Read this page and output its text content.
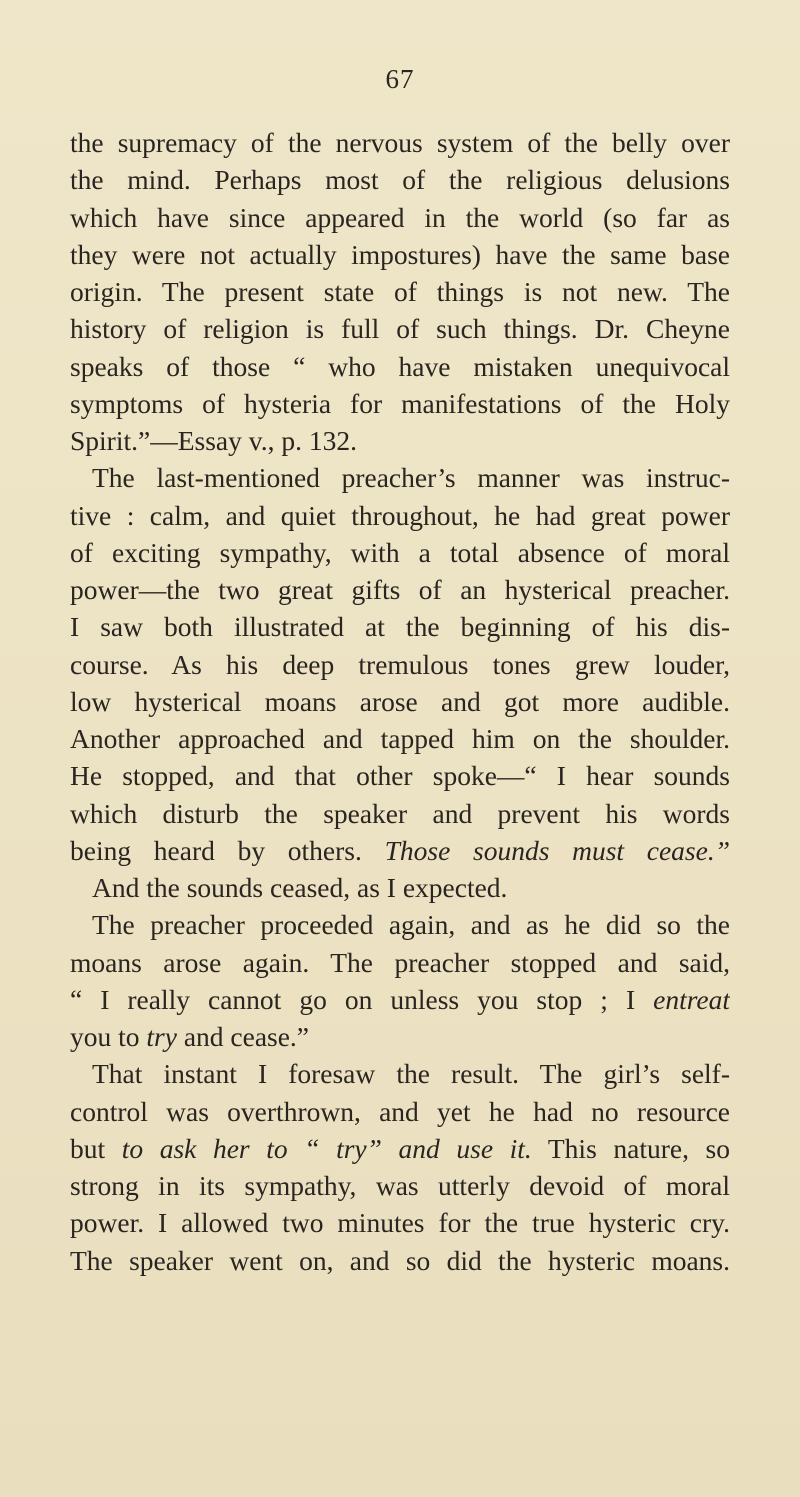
67
the supremacy of the nervous system of the belly over
the mind. Perhaps most of the religious delusions
which have since appeared in the world (so far as
they were not actually impostures) have the same base
origin. The present state of things is not new. The
history of religion is full of such things. Dr. Cheyne
speaks of those “ who have mistaken unequivocal
symptoms of hysteria for manifestations of the Holy
Spirit.”—Essay v., p. 132.
The last-mentioned preacher’s manner was instruc-
tive : calm, and quiet throughout, he had great power
of exciting sympathy, with a total absence of moral
power—the two great gifts of an hysterical preacher.
I saw both illustrated at the beginning of his dis-
course. As his deep tremulous tones grew louder,
low hysterical moans arose and got more audible.
Another approached and tapped him on the shoulder.
He stopped, and that other spoke—“ I hear sounds
which disturb the speaker and prevent his words
being heard by others. Those sounds must cease.”
And the sounds ceased, as I expected.
The preacher proceeded again, and as he did so the
moans arose again. The preacher stopped and said,
“ I really cannot go on unless you stop ; I entreat
you to try and cease.”
That instant I foresaw the result. The girl’s self-
control was overthrown, and yet he had no resource
but to ask her to “ try” and use it. This nature, so
strong in its sympathy, was utterly devoid of moral
power. I allowed two minutes for the true hysteric cry.
The speaker went on, and so did the hysteric moans.
